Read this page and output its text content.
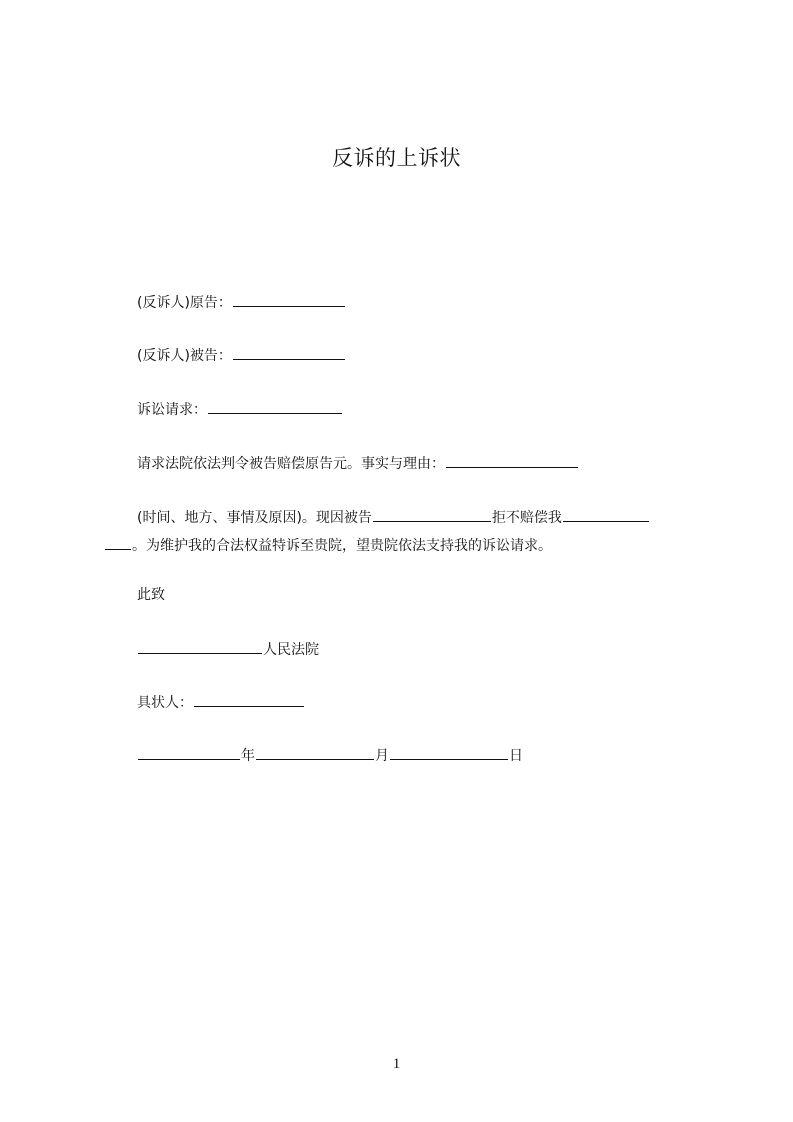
反诉的上诉状
(反诉人)原告：
(反诉人)被告：
诉讼请求：
请求法院依法判令被告赔偿原告元。事实与理由：
(时间、地方、事情及原因)。现因被告	拒不赔偿我
。为维护我的合法权益特诉至贵院，望贵院依法支持我的诉讼请求。
此致
人民法院
具状人：
年	月	日
1
